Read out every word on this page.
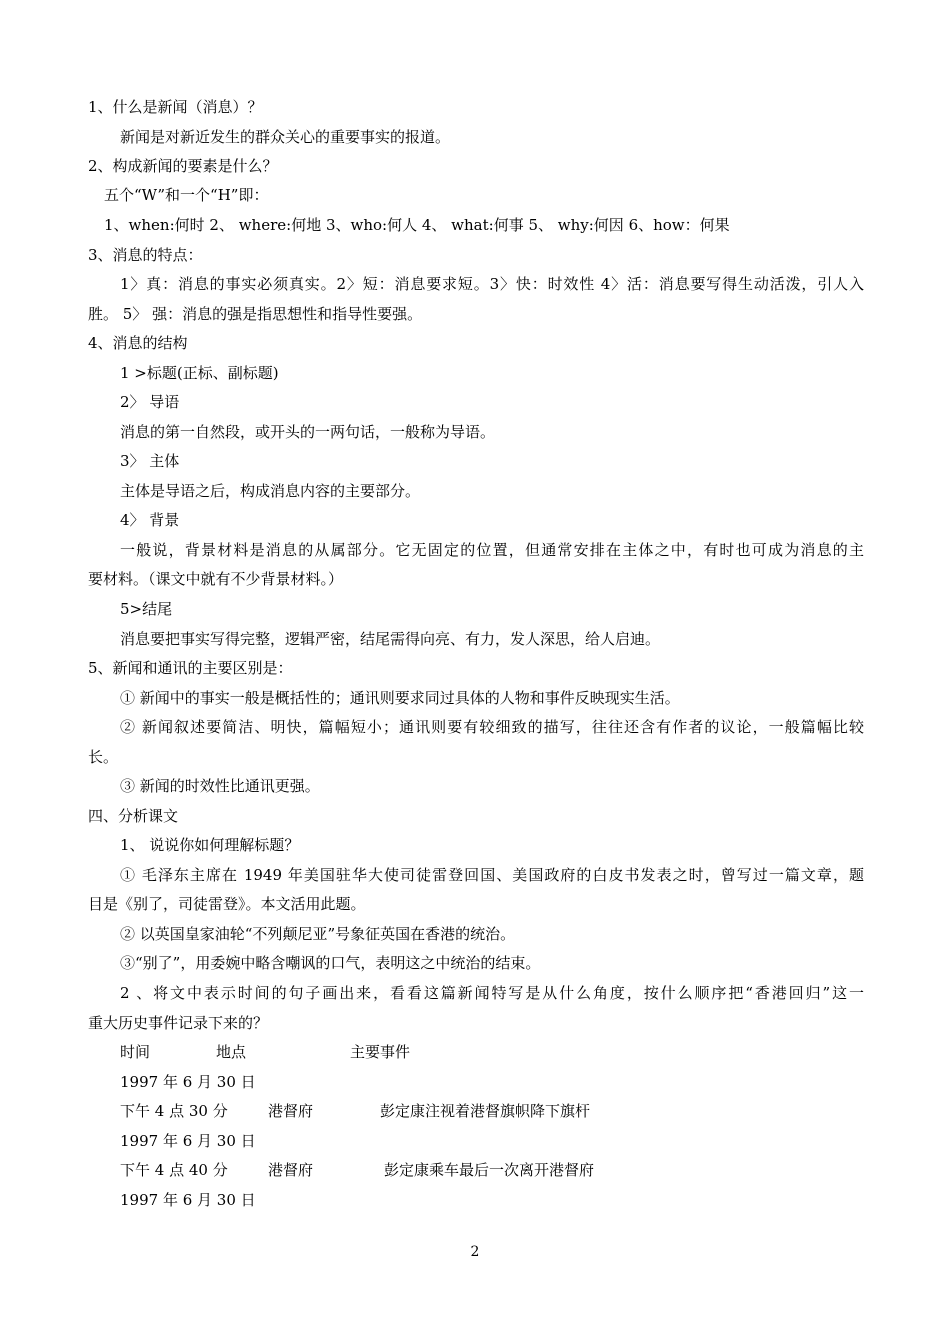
1、什么是新闻（消息）？
新闻是对新近发生的群众关心的重要事实的报道。
2、构成新闻的要素是什么？
五个“W”和一个“H”即：
1、when:何时 2、 where:何地 3、who:何人 4、 what:何事 5、 why:何因 6、how：何果
3、消息的特点：
1〉真：消息的事实必须真实。2〉短：消息要求短。3〉快：时效性 4〉活：消息要写得生动活泼，引人入
胜。 5〉 强：消息的强是指思想性和指导性要强。
4、消息的结构
1 >标题(正标、副标题)
2〉 导语
消息的第一自然段，或开头的一两句话，一般称为导语。
3〉 主体
主体是导语之后，构成消息内容的主要部分。
4〉 背景
一般说，背景材料是消息的从属部分。它无固定的位置，但通常安排在主体之中，有时也可成为消息的主
要材料。（课文中就有不少背景材料。）
5>结尾
消息要把事实写得完整，逻辑严密，结尾需得向亮、有力，发人深思，给人启迪。
5、新闻和通讯的主要区别是：
① 新闻中的事实一般是概括性的；通讯则要求同过具体的人物和事件反映现实生活。
② 新闻叙述要简洁、明快，篇幅短小；通讯则要有较细致的描写，往往还含有作者的议论，一般篇幅比较
长。
③ 新闻的时效性比通讯更强。
四、分析课文
1、 说说你如何理解标题？
① 毛泽东主席在 1949 年美国驻华大使司徒雷登回国、美国政府的白皮书发表之时，曾写过一篇文章，题
目是《别了，司徒雷登》。本文活用此题。
② 以英国皇家油轮“不列颠尼亚”号象征英国在香港的统治。
③“别了”，用委婉中略含嘲讽的口气，表明这之中统治的结束。
2 、将文中表示时间的句子画出来，看看这篇新闻特写是从什么角度，按什么顺序把“香港回归”这一
重大历史事件记录下来的？
时间	地点	主要事件
1997 年 6 月 30 日
下午 4 点 30 分	港督府	彭定康注视着港督旗帜降下旗杆
1997 年 6 月 30 日
下午 4 点 40 分	港督府	彭定康乘车最后一次离开港督府
1997 年 6 月 30 日
2
